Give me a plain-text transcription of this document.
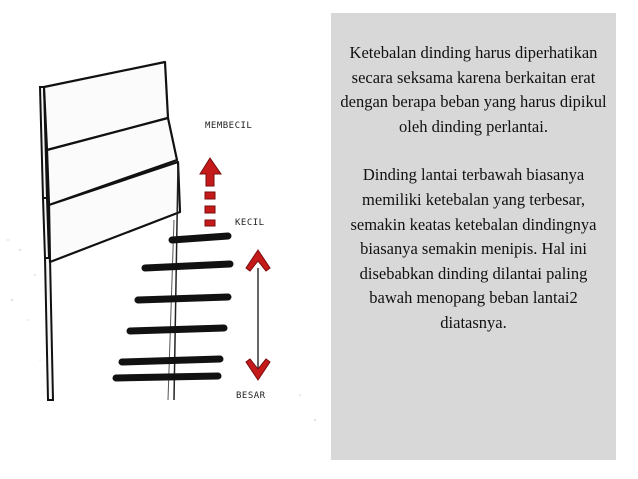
MEMBECIL
KECIL
BESAR

Ketebalan dinding harus diperhatikan secara seksama karena berkaitan erat dengan berapa beban yang harus dipikul oleh dinding perlantai.

Dinding lantai terbawah biasanya memiliki ketebalan yang terbesar, semakin keatas ketebalan dindingnya biasanya semakin menipis. Hal ini disebabkan dinding dilantai paling bawah menopang beban lantai2 diatasnya.
